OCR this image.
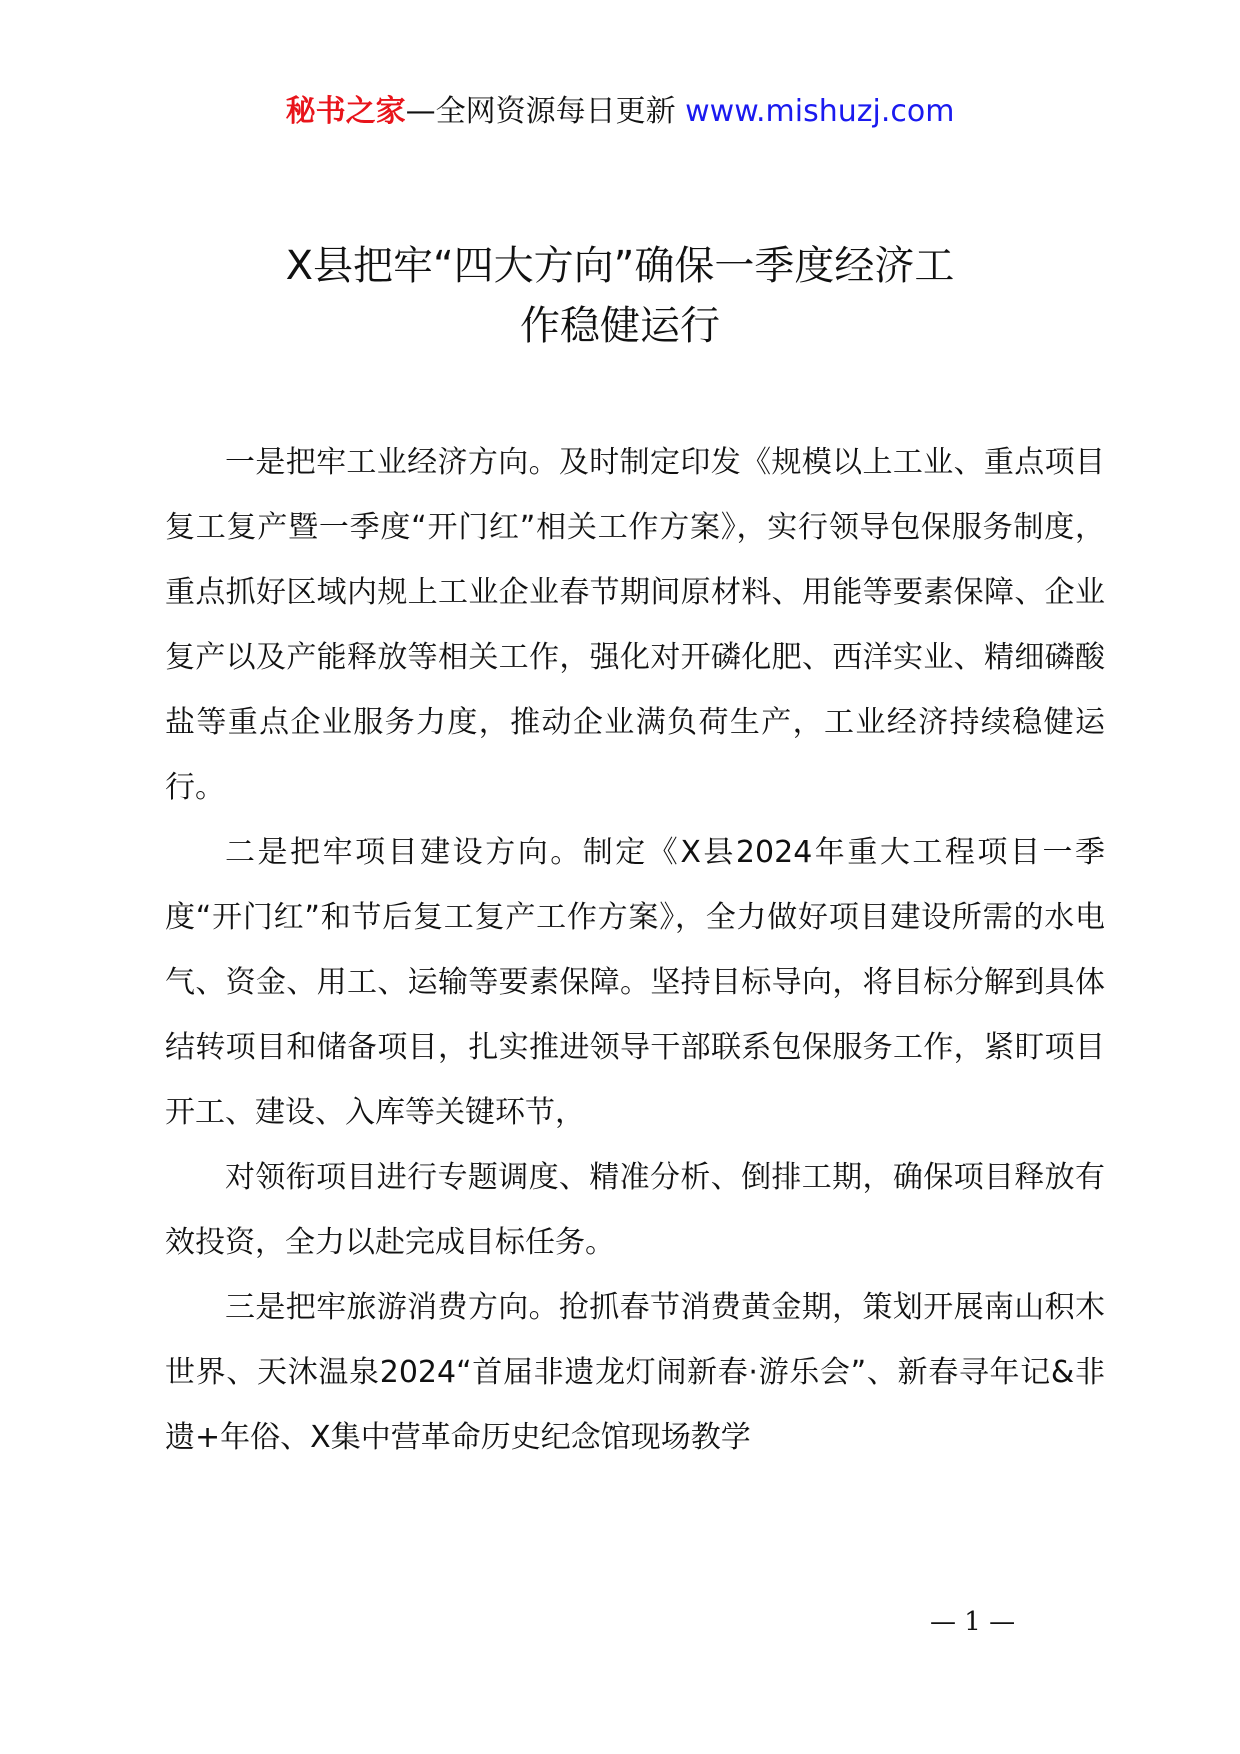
秘书之家—全网资源每日更新 www.mishuzj.com
X县把牢“四大方向”确保一季度经济工
作稳健运行

一是把牢工业经济方向。及时制定印发《规模以上工业、重点项目复工复产暨一季度“开门红”相关工作方案》，实行领导包保服务制度，重点抓好区域内规上工业企业春节期间原材料、用能等要素保障、企业复产以及产能释放等相关工作，强化对开磷化肥、西洋实业、精细磷酸盐等重点企业服务力度，推动企业满负荷生产，工业经济持续稳健运行。

二是把牢项目建设方向。制定《X县2024年重大工程项目一季度“开门红”和节后复工复产工作方案》，全力做好项目建设所需的水电气、资金、用工、运输等要素保障。坚持目标导向，将目标分解到具体结转项目和储备项目，扎实推进领导干部联系包保服务工作，紧盯项目开工、建设、入库等关键环节，

对领衔项目进行专题调度、精准分析、倒排工期，确保项目释放有效投资，全力以赴完成目标任务。

三是把牢旅游消费方向。抢抓春节消费黄金期，策划开展南山积木世界、天沐温泉2024“首届非遗龙灯闹新春·游乐会”、新春寻年记&非遗+年俗、X集中营革命历史纪念馆现场教学

— 1 —
